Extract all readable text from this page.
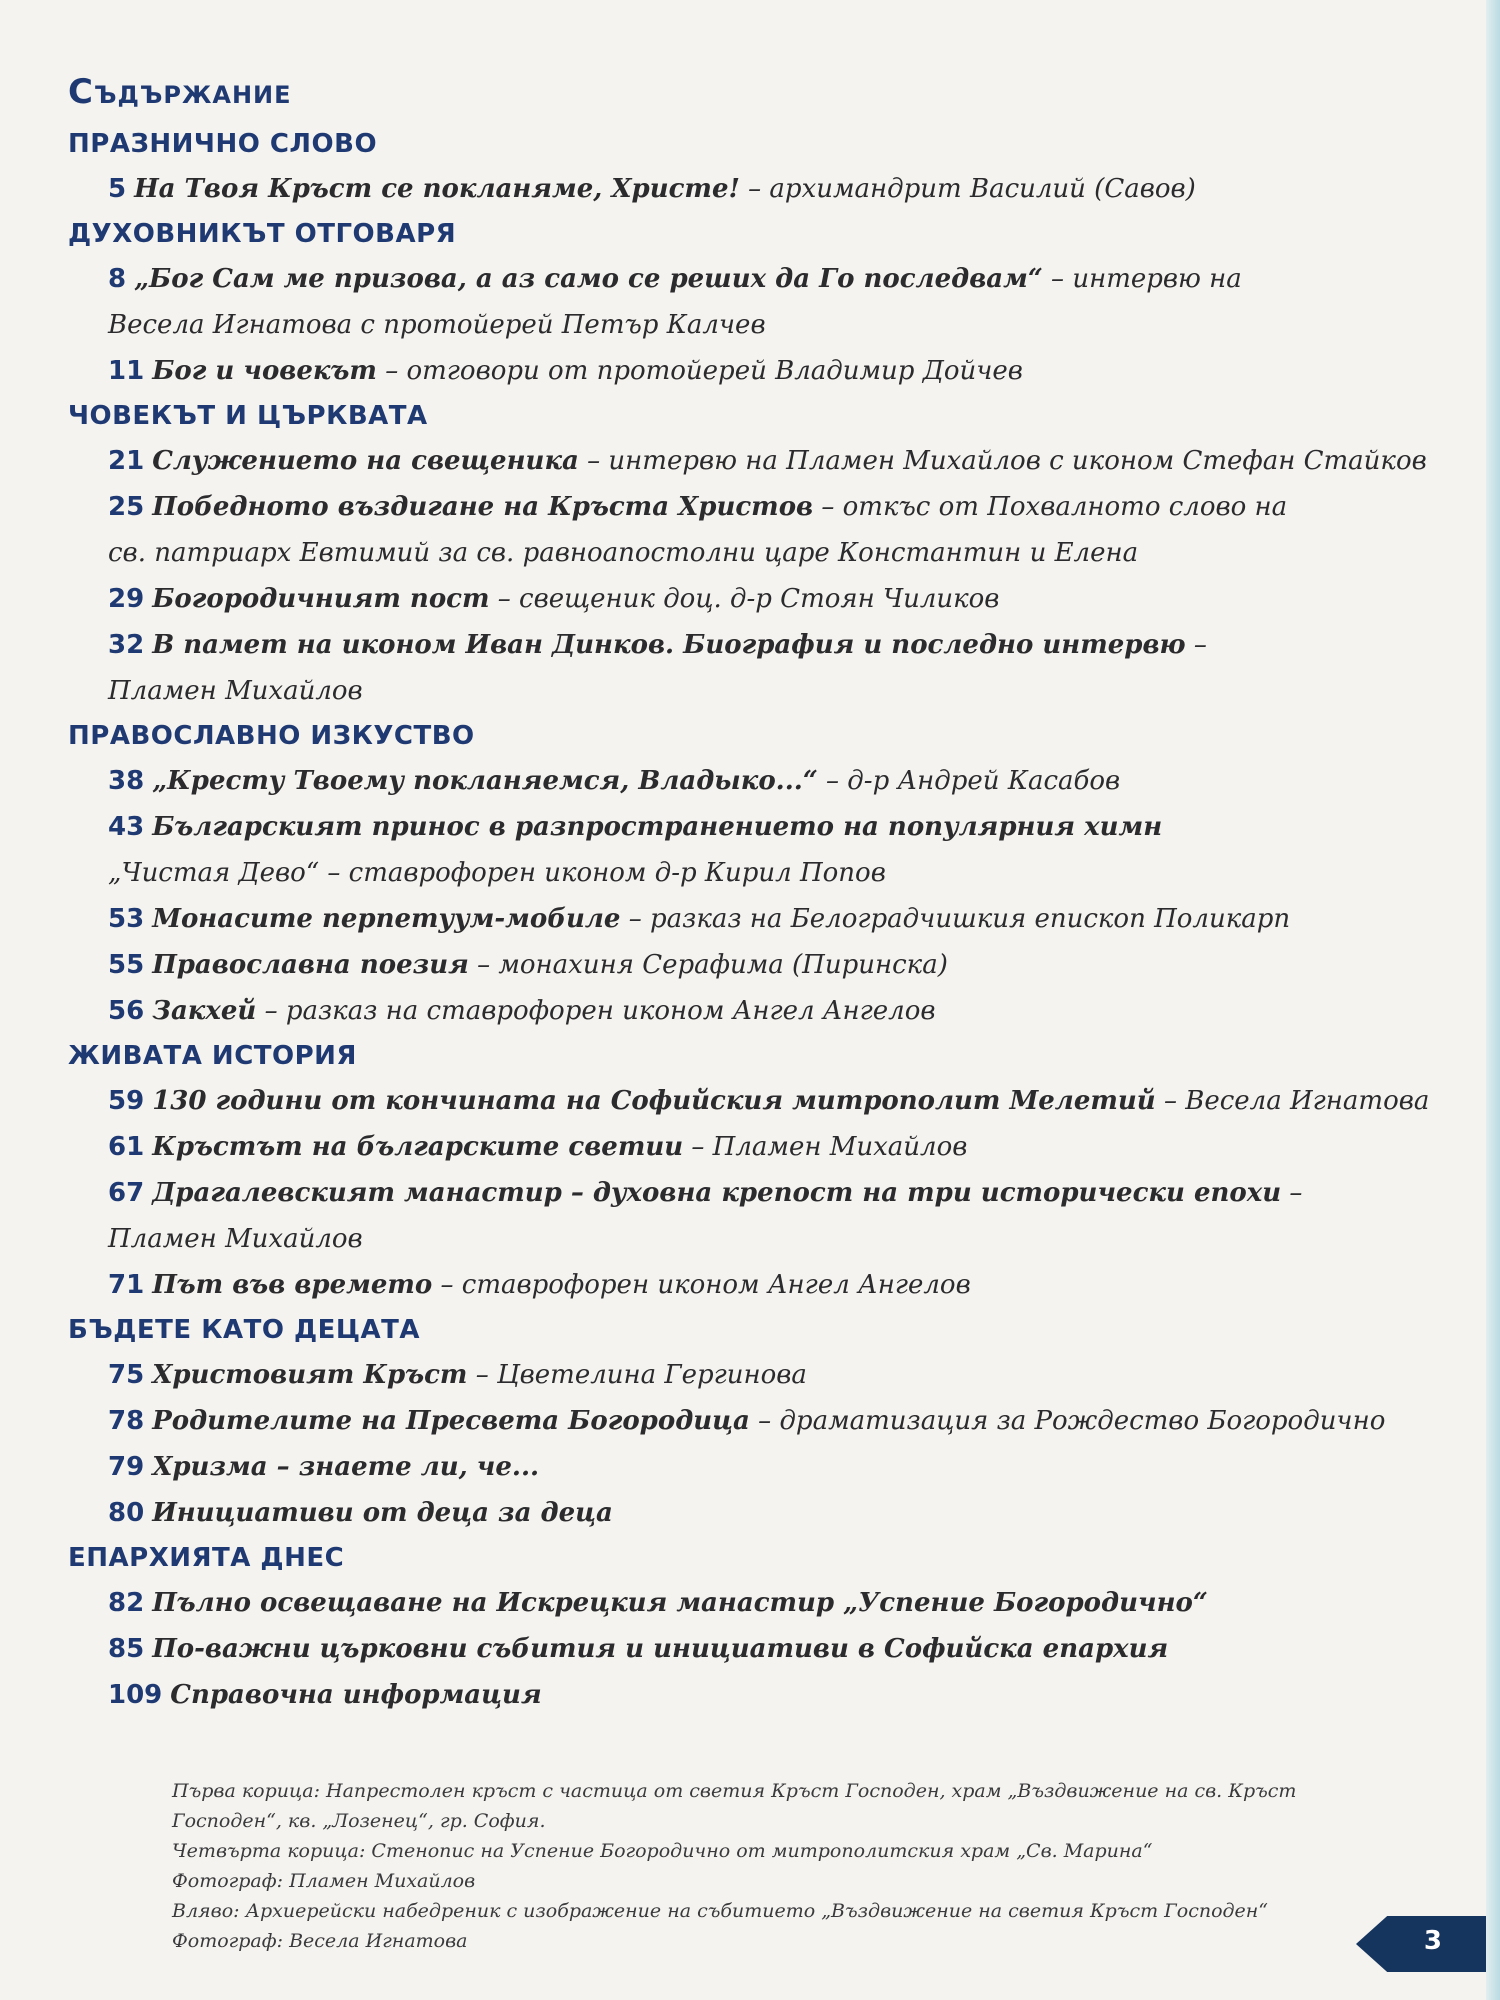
Съдържание
ПРАЗНИЧНО СЛОВО
5 На Твоя Кръст се покланяме, Христе! – архимандрит Василий (Савов)
ДУХОВНИКЪТ ОТГОВАРЯ
8 „Бог Сам ме призова, а аз само се реших да Го последвам“ – интервю на
Весела Игнатова с протойерей Петър Калчев
11 Бог и човекът – отговори от протойерей Владимир Дойчев
ЧОВЕКЪТ И ЦЪРКВАТА
21 Служението на свещеника – интервю на Пламен Михайлов с иконом Стефан Стайков
25 Победното въздигане на Кръста Христов – откъс от Похвалното слово на
св. патриарх Евтимий за св. равноапостолни царе Константин и Елена
29 Богородичният пост – свещеник доц. д-р Стоян Чиликов
32 В памет на иконом Иван Динков. Биография и последно интервю –
Пламен Михайлов
ПРАВОСЛАВНО ИЗКУСТВО
38 „Кресту Твоему покланяемся, Владыко...“ – д-р Андрей Касабов
43 Българският принос в разпространението на популярния химн
„Чистая Дево“ – ставрофорен иконом д-р Кирил Попов
53 Монасите перпетуум-мобиле – разказ на Белоградчишкия епископ Поликарп
55 Православна поезия – монахиня Серафима (Пиринска)
56 Закхей – разказ на ставрофорен иконом Ангел Ангелов
ЖИВАТА ИСТОРИЯ
59 130 години от кончината на Софийския митрополит Мелетий – Весела Игнатова
61 Кръстът на българските светии – Пламен Михайлов
67 Драгалевският манастир – духовна крепост на три исторически епохи –
Пламен Михайлов
71 Път във времето – ставрофорен иконом Ангел Ангелов
БЪДЕТЕ КАТО ДЕЦАТА
75 Христовият Кръст – Цветелина Гергинова
78 Родителите на Пресвета Богородица – драматизация за Рождество Богородично
79 Хризма – знаете ли, че...
80 Инициативи от деца за деца
ЕПАРХИЯТА ДНЕС
82 Пълно освещаване на Искрецкия манастир „Успение Богородично“
85 По-важни църковни събития и инициативи в Софийска епархия
109 Справочна информация
Първа корица: Напрестолен кръст с частица от светия Кръст Господен, храм „Въздвижение на св. Кръст
Господен“, кв. „Лозенец“, гр. София.
Четвърта корица: Стенопис на Успение Богородично от митрополитския храм „Св. Марина“
Фотограф: Пламен Михайлов
Вляво: Архиерейски набедреник с изображение на събитието „Въздвижение на светия Кръст Господен“
Фотограф: Весела Игнатова	3
